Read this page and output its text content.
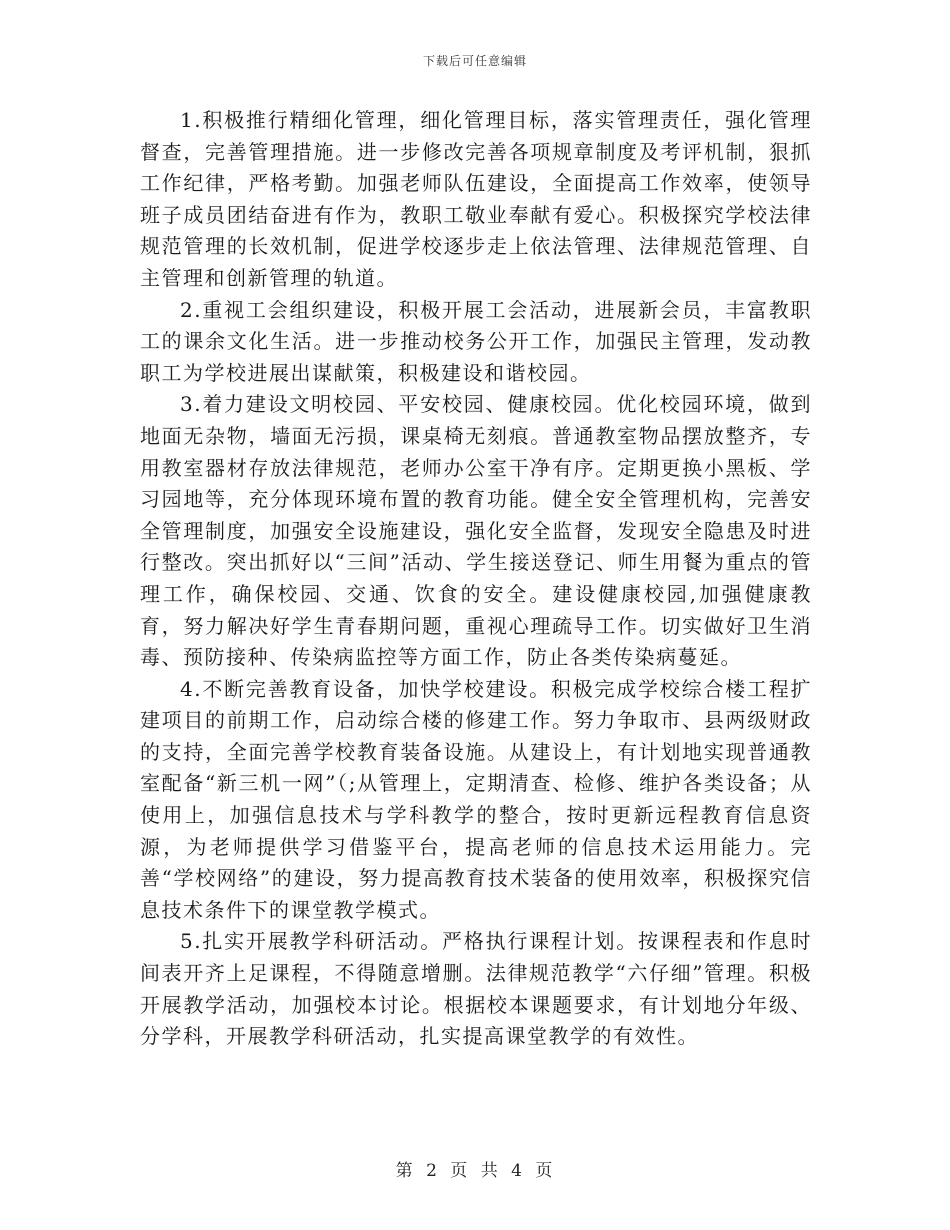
下载后可任意编辑

1.积极推行精细化管理，细化管理目标，落实管理责任，强化管理督查，完善管理措施。进一步修改完善各项规章制度及考评机制，狠抓工作纪律，严格考勤。加强老师队伍建设，全面提高工作效率，使领导班子成员团结奋进有作为，教职工敬业奉献有爱心。积极探究学校法律规范管理的长效机制，促进学校逐步走上依法管理、法律规范管理、自主管理和创新管理的轨道。

2.重视工会组织建设，积极开展工会活动，进展新会员，丰富教职工的课余文化生活。进一步推动校务公开工作，加强民主管理，发动教职工为学校进展出谋献策，积极建设和谐校园。

3.着力建设文明校园、平安校园、健康校园。优化校园环境，做到地面无杂物，墙面无污损，课桌椅无刻痕。普通教室物品摆放整齐，专用教室器材存放法律规范，老师办公室干净有序。定期更换小黑板、学习园地等，充分体现环境布置的教育功能。健全安全管理机构，完善安全管理制度，加强安全设施建设，强化安全监督，发现安全隐患及时进行整改。突出抓好以“三间”活动、学生接送登记、师生用餐为重点的管理工作，确保校园、交通、饮食的安全。建设健康校园,加强健康教育，努力解决好学生青春期问题，重视心理疏导工作。切实做好卫生消毒、预防接种、传染病监控等方面工作，防止各类传染病蔓延。

4.不断完善教育设备，加快学校建设。积极完成学校综合楼工程扩建项目的前期工作，启动综合楼的修建工作。努力争取市、县两级财政的支持，全面完善学校教育装备设施。从建设上，有计划地实现普通教室配备“新三机一网”（;从管理上，定期清查、检修、维护各类设备；从使用上，加强信息技术与学科教学的整合，按时更新远程教育信息资源，为老师提供学习借鉴平台，提高老师的信息技术运用能力。完善“学校网络”的建设，努力提高教育技术装备的使用效率，积极探究信息技术条件下的课堂教学模式。

5.扎实开展教学科研活动。严格执行课程计划。按课程表和作息时间表开齐上足课程，不得随意增删。法律规范教学“六仔细”管理。积极开展教学活动，加强校本讨论。根据校本课题要求，有计划地分年级、分学科，开展教学科研活动，扎实提高课堂教学的有效性。

第 2 页 共 4 页
